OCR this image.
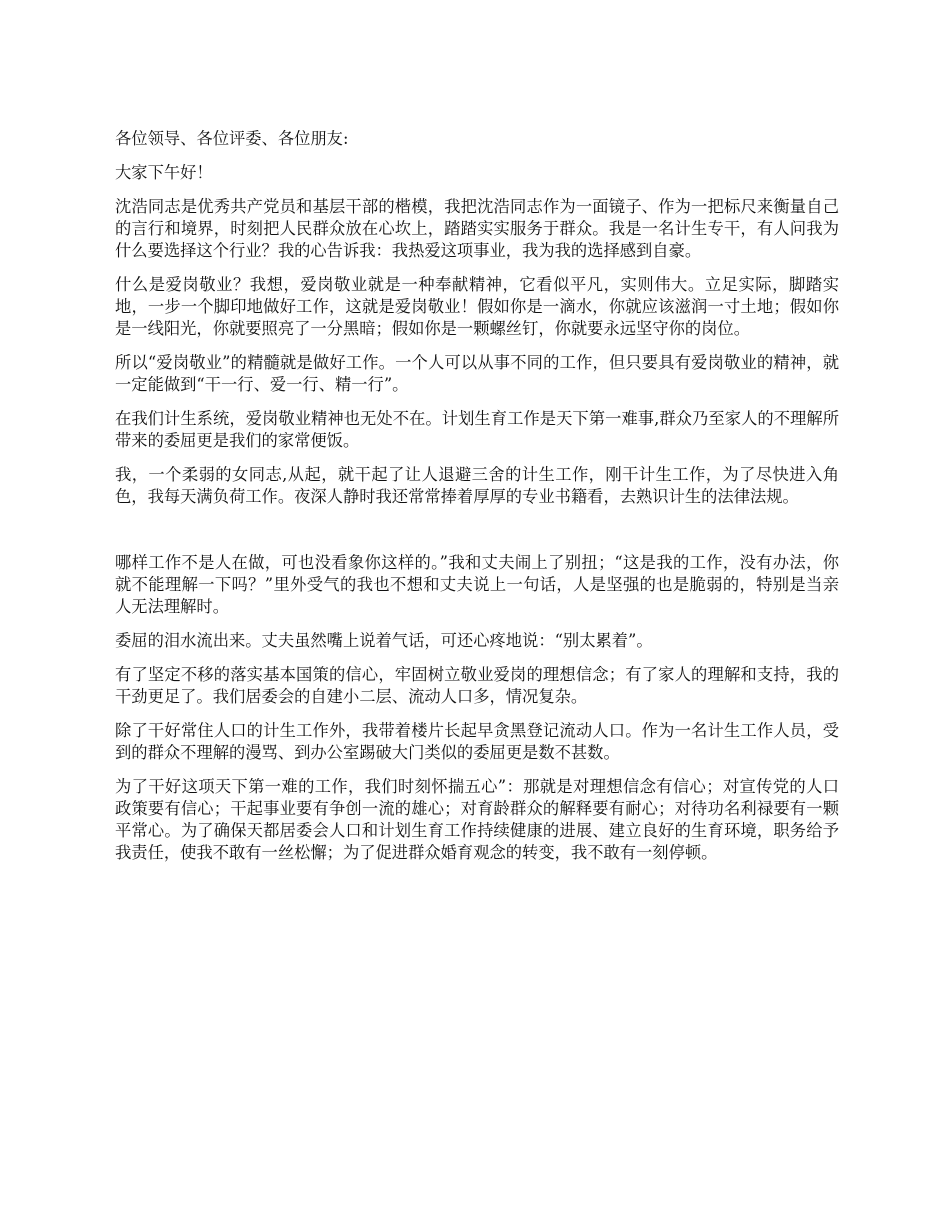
各位领导、各位评委、各位朋友:

大家下午好！

沈浩同志是优秀共产党员和基层干部的楷模，我把沈浩同志作为一面镜子、作为一把标尺来衡量自己的言行和境界，时刻把人民群众放在心坎上，踏踏实实服务于群众。我是一名计生专干，有人问我为什么要选择这个行业？我的心告诉我：我热爱这项事业，我为我的选择感到自豪。

什么是爱岗敬业？我想，爱岗敬业就是一种奉献精神，它看似平凡，实则伟大。立足实际，脚踏实地，一步一个脚印地做好工作，这就是爱岗敬业！假如你是一滴水，你就应该滋润一寸土地；假如你是一线阳光，你就要照亮了一分黑暗；假如你是一颗螺丝钉，你就要永远坚守你的岗位。

所以“爱岗敬业”的精髓就是做好工作。一个人可以从事不同的工作，但只要具有爱岗敬业的精神，就一定能做到“干一行、爱一行、精一行”。

在我们计生系统，爱岗敬业精神也无处不在。计划生育工作是天下第一难事,群众乃至家人的不理解所带来的委屈更是我们的家常便饭。

我，一个柔弱的女同志,从起，就干起了让人退避三舍的计生工作，刚干计生工作，为了尽快进入角色，我每天满负荷工作。夜深人静时我还常常捧着厚厚的专业书籍看，去熟识计生的法律法规。

哪样工作不是人在做，可也没看象你这样的。”我和丈夫闹上了别扭；“这是我的工作，没有办法，你就不能理解一下吗？”里外受气的我也不想和丈夫说上一句话，人是坚强的也是脆弱的，特别是当亲人无法理解时。

委屈的泪水流出来。丈夫虽然嘴上说着气话，可还心疼地说：“别太累着”。

有了坚定不移的落实基本国策的信心，牢固树立敬业爱岗的理想信念；有了家人的理解和支持，我的干劲更足了。我们居委会的自建小二层、流动人口多，情况复杂。

除了干好常住人口的计生工作外，我带着楼片长起早贪黑登记流动人口。作为一名计生工作人员，受到的群众不理解的漫骂、到办公室踢破大门类似的委屈更是数不甚数。

为了干好这项天下第一难的工作，我们时刻怀揣五心”：那就是对理想信念有信心；对宣传党的人口政策要有信心；干起事业要有争创一流的雄心；对育龄群众的解释要有耐心；对待功名利禄要有一颗平常心。为了确保天都居委会人口和计划生育工作持续健康的进展、建立良好的生育环境，职务给予我责任，使我不敢有一丝松懈；为了促进群众婚育观念的转变，我不敢有一刻停顿。
